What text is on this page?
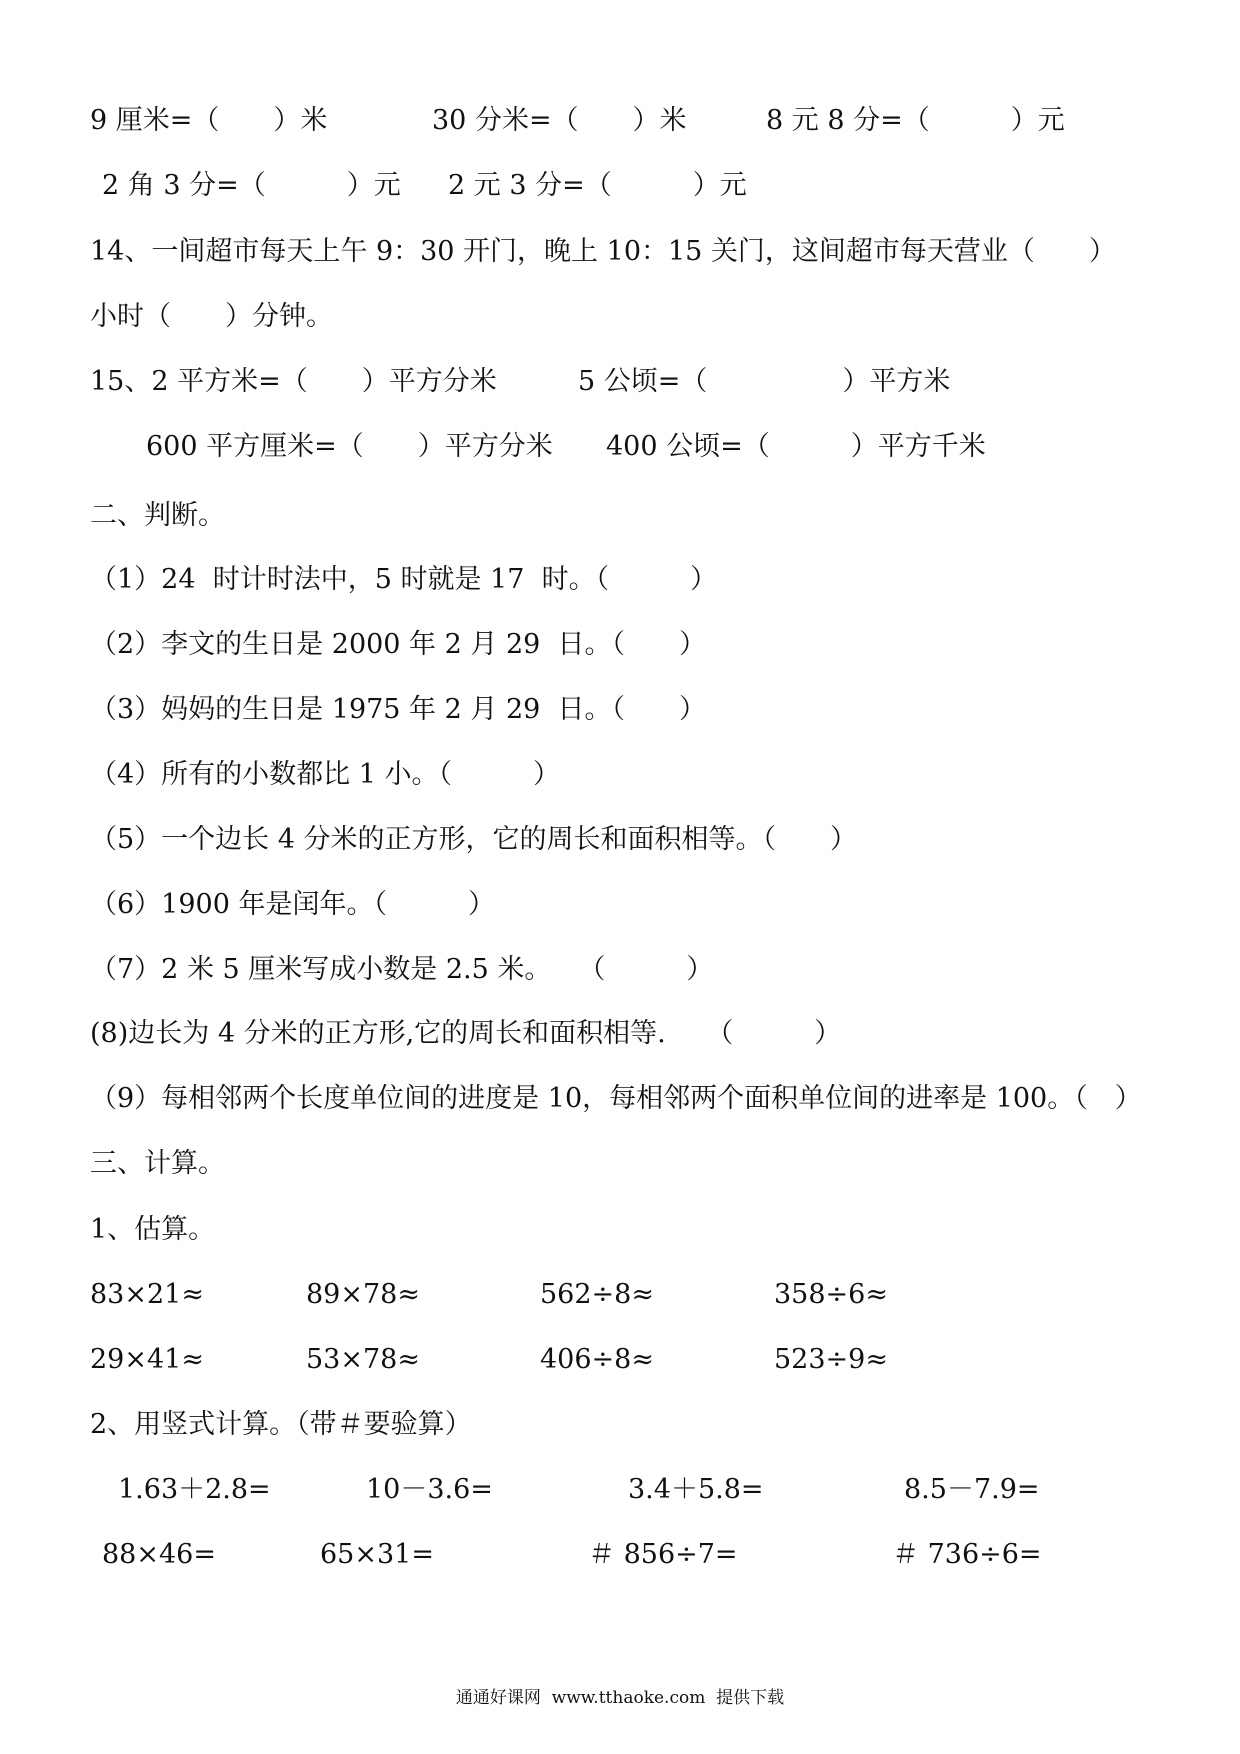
9 厘米=（　　）米	30 分米=（　　）米	8 元 8 分=（　　　）元
2 角 3 分=（　　　）元 2 元 3 分=（　　　）元
14、一间超市每天上午 9：30 开门，晚上 10：15 关门，这间超市每天营业（　　）
小时（　　）分钟。
15、2 平方米=（　　）平方分米	5 公顷=（　　　　　）平方米
600 平方厘米=（　　）平方分米 400 公顷=（　　　）平方千米
二、判断。
（1）24  时计时法中，5 时就是 17  时。（　　　）
（2）李文的生日是 2000 年 2 月 29  日。（　　）
（3）妈妈的生日是 1975 年 2 月 29  日。（　　）
（4）所有的小数都比 1 小。（　　　）
（5）一个边长 4 分米的正方形，它的周长和面积相等。（　　）
（6）1900 年是闰年。（　　　）
（7）2 米 5 厘米写成小数是 2.5 米。　　（　　　）
(8)边长为 4 分米的正方形,它的周长和面积相等.　　（　　　）
（9）每相邻两个长度单位间的进度是 10，每相邻两个面积单位间的进率是 100。（　）
三、计算。
1、估算。
83×21≈	89×78≈	562÷8≈	358÷6≈
29×41≈	53×78≈	406÷8≈	523÷9≈
2、用竖式计算。（带＃要验算）
1.63＋2.8=	10－3.6=	3.4＋5.8=	8.5－7.9=
88×46=	65×31=	＃ 856÷7=	＃ 736÷6=
通通好课网  www.tthaoke.com  提供下载
